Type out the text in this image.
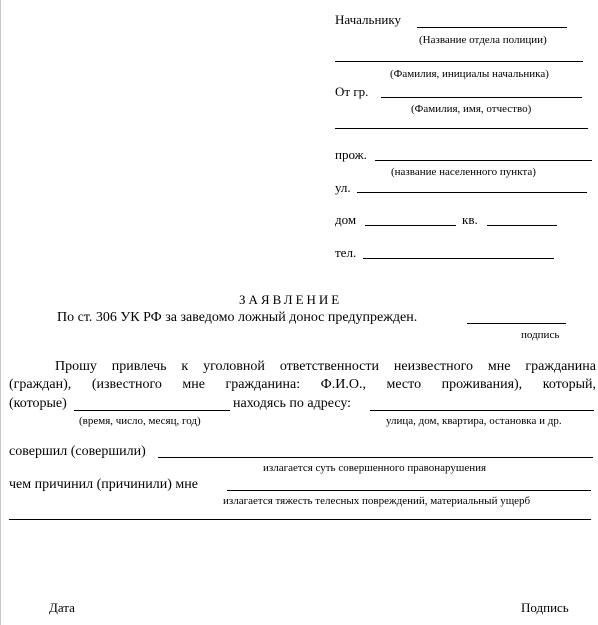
Начальнику
(Название отдела полиции)
(Фамилия, инициалы начальника)
От гр.
(Фамилия, имя, отчество)
прож.
(название населенного пункта)
ул.
дом	кв.
тел.
ЗАЯВЛЕНИЕ
По ст. 306 УК РФ за заведомо ложный донос предупрежден.
подпись
Прошу привлечь к уголовной ответственности неизвестного мне гражданина
(граждан), (известного мне гражданина: Ф.И.О., место проживания), который,
(которые)	находясь по адресу:
(время, число, месяц, год)	улица, дом, квартира, остановка и др.
совершил (совершили)
излагается суть совершенного правонарушения
чем причинил (причинили) мне
излагается тяжесть телесных повреждений, материальный ущерб
Дата	Подпись
